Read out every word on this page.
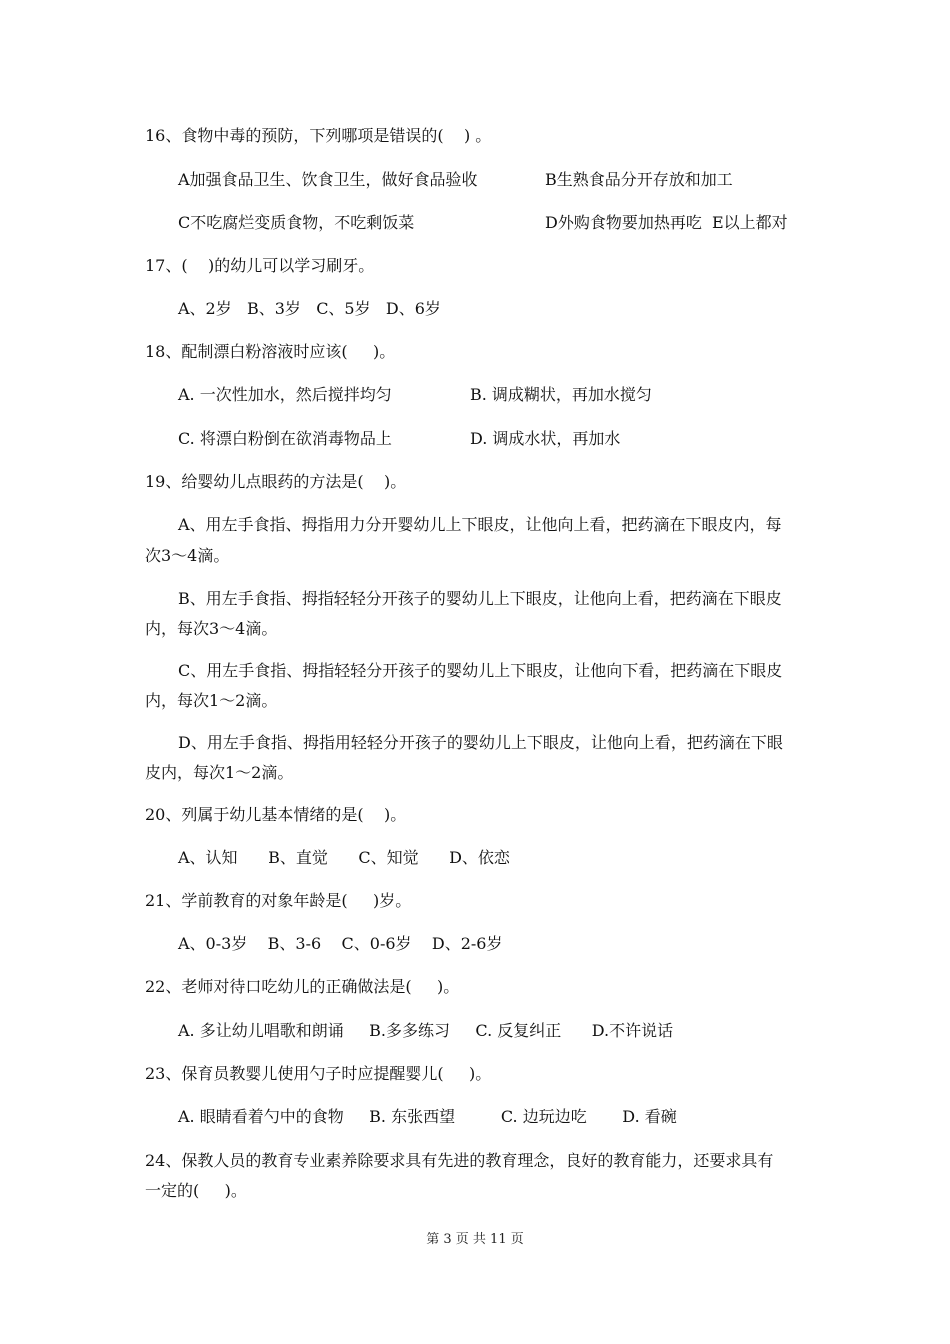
16、食物中毒的预防，下列哪项是错误的(    ) 。
A加强食品卫生、饮食卫生，做好食品验收	B生熟食品分开存放和加工
C不吃腐烂变质食物，不吃剩饭菜	D外购食物要加热再吃  E以上都对
17、(    )的幼儿可以学习刷牙。
A、2岁   B、3岁   C、5岁   D、6岁
18、配制漂白粉溶液时应该(     )。
A. 一次性加水，然后搅拌均匀	B. 调成糊状，再加水搅匀
C. 将漂白粉倒在欲消毒物品上	D. 调成水状，再加水
19、给婴幼儿点眼药的方法是(    )。
A、用左手食指、拇指用力分开婴幼儿上下眼皮，让他向上看，把药滴在下眼皮内，每
次3～4滴。
B、用左手食指、拇指轻轻分开孩子的婴幼儿上下眼皮，让他向上看，把药滴在下眼皮
内，每次3～4滴。
C、用左手食指、拇指轻轻分开孩子的婴幼儿上下眼皮，让他向下看，把药滴在下眼皮
内，每次1～2滴。
D、用左手食指、拇指用轻轻分开孩子的婴幼儿上下眼皮，让他向上看，把药滴在下眼
皮内，每次1～2滴。
20、列属于幼儿基本情绪的是(    )。
A、认知      B、直觉      C、知觉      D、依恋
21、学前教育的对象年龄是(     )岁。
A、0-3岁    B、3-6    C、0-6岁    D、2-6岁
22、老师对待口吃幼儿的正确做法是(     )。
A. 多让幼儿唱歌和朗诵     B.多多练习     C. 反复纠正      D.不许说话
23、保育员教婴儿使用勺子时应提醒婴儿(     )。
A. 眼睛看着勺中的食物     B. 东张西望         C. 边玩边吃       D. 看碗
24、保教人员的教育专业素养除要求具有先进的教育理念，良好的教育能力，还要求具有
一定的(     )。
第 3 页 共 11 页
